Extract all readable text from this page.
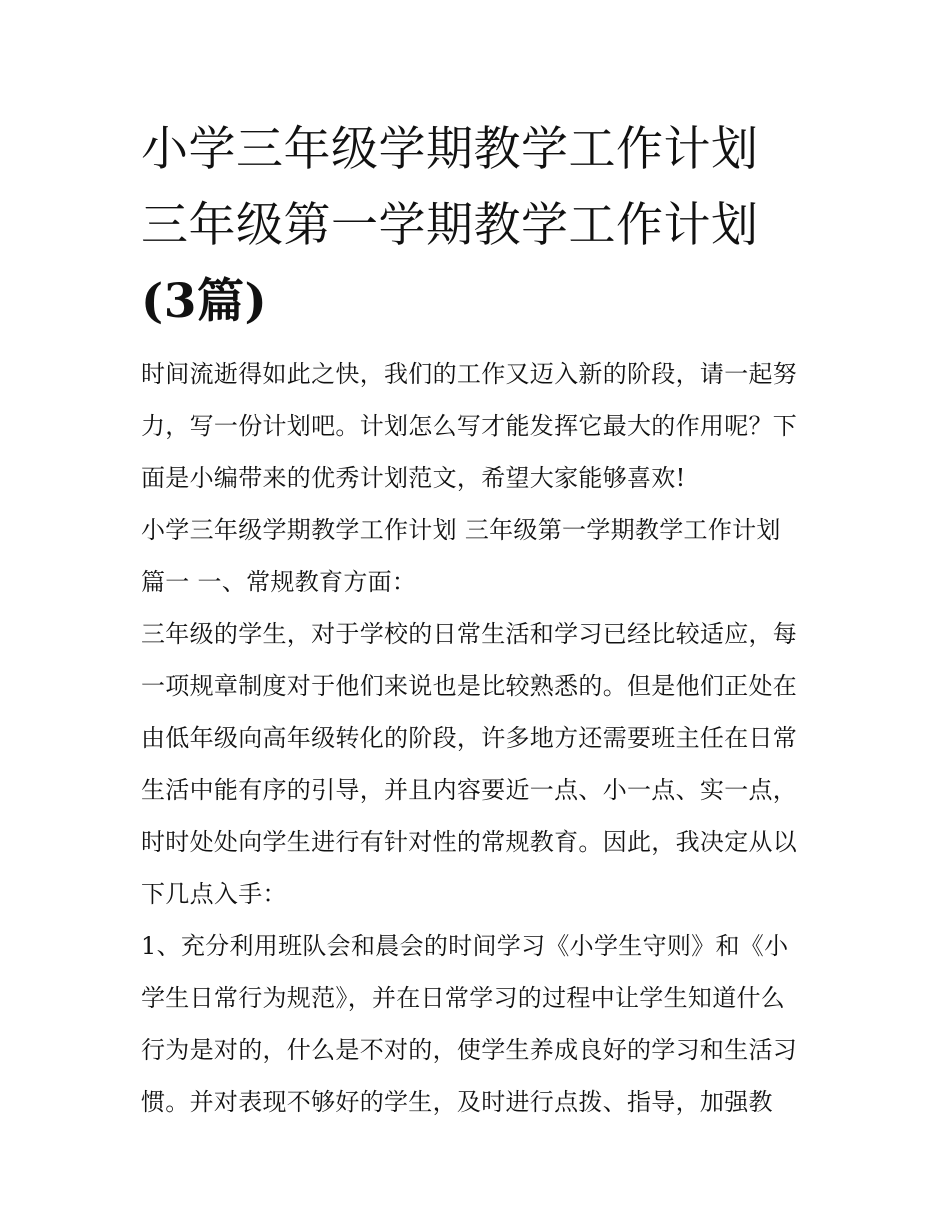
小学三年级学期教学工作计划
三年级第一学期教学工作计划
(3篇)
时间流逝得如此之快，我们的工作又迈入新的阶段，请一起努
力，写一份计划吧。计划怎么写才能发挥它最大的作用呢？下
面是小编带来的优秀计划范文，希望大家能够喜欢!
小学三年级学期教学工作计划 三年级第一学期教学工作计划
篇一 一、常规教育方面：
三年级的学生，对于学校的日常生活和学习已经比较适应，每
一项规章制度对于他们来说也是比较熟悉的。但是他们正处在
由低年级向高年级转化的阶段，许多地方还需要班主任在日常
生活中能有序的引导，并且内容要近一点、小一点、实一点，
时时处处向学生进行有针对性的常规教育。因此，我决定从以
下几点入手：
1、充分利用班队会和晨会的时间学习《小学生守则》和《小
学生日常行为规范》，并在日常学习的过程中让学生知道什么
行为是对的，什么是不对的，使学生养成良好的学习和生活习
惯。并对表现不够好的学生，及时进行点拨、指导，加强教
